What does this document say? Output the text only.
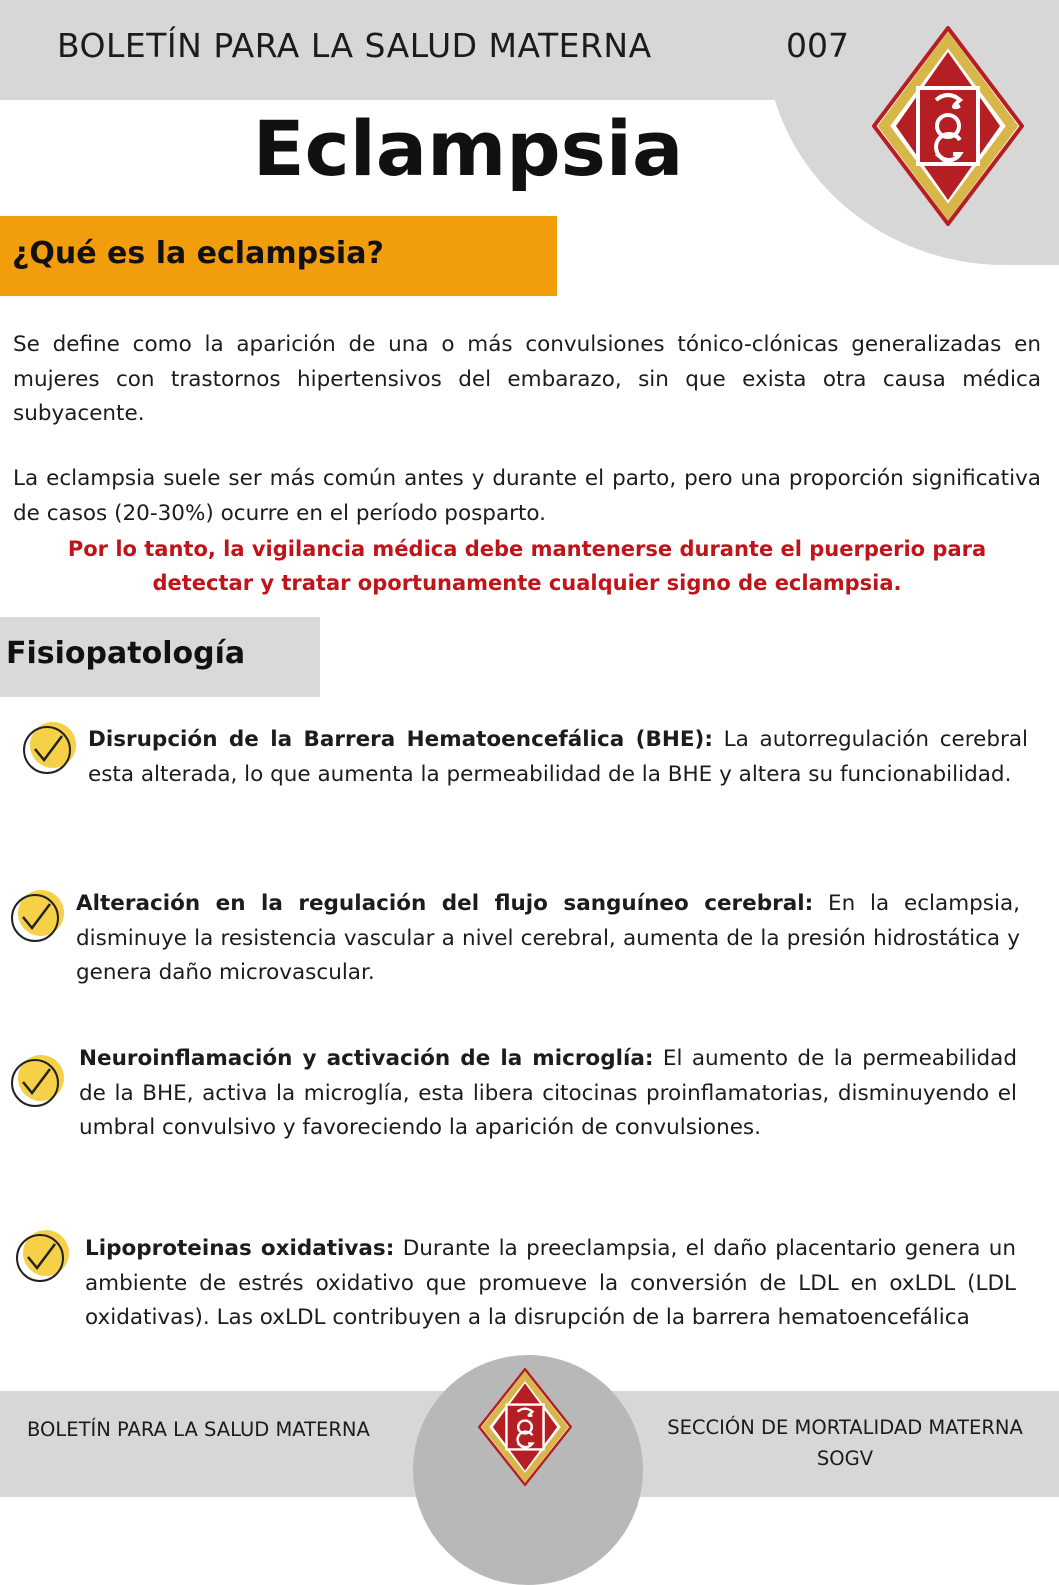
BOLETÍN PARA LA SALUD MATERNA	007
Eclampsia
¿Qué es la eclampsia?

Se define como la aparición de una o más convulsiones tónico-clónicas generalizadas en mujeres con trastornos hipertensivos del embarazo, sin que exista otra causa médica subyacente.

La eclampsia suele ser más común antes y durante el parto, pero una proporción significativa de casos (20-30%) ocurre en el período posparto.

Por lo tanto, la vigilancia médica debe mantenerse durante el puerperio para
detectar y tratar oportunamente cualquier signo de eclampsia.

Fisiopatología

Disrupción de la Barrera Hematoencefálica (BHE): La autorregulación cerebral esta alterada, lo que aumenta la permeabilidad de la BHE y altera su funcionabilidad.

Alteración en la regulación del flujo sanguíneo cerebral: En la eclampsia, disminuye la resistencia vascular a nivel cerebral, aumenta de la presión hidrostática y genera daño microvascular.

Neuroinflamación y activación de la microglía: El aumento de la permeabilidad de la BHE, activa la microglía, esta libera citocinas proinflamatorias, disminuyendo el umbral convulsivo y favoreciendo la aparición de convulsiones.

Lipoproteinas oxidativas: Durante la preeclampsia, el daño placentario genera un ambiente de estrés oxidativo que promueve la conversión de LDL en oxLDL (LDL oxidativas). Las oxLDL contribuyen a la disrupción de la barrera hematoencefálica

BOLETÍN PARA LA SALUD MATERNA	SECCIÓN DE MORTALIDAD MATERNA
SOGV
